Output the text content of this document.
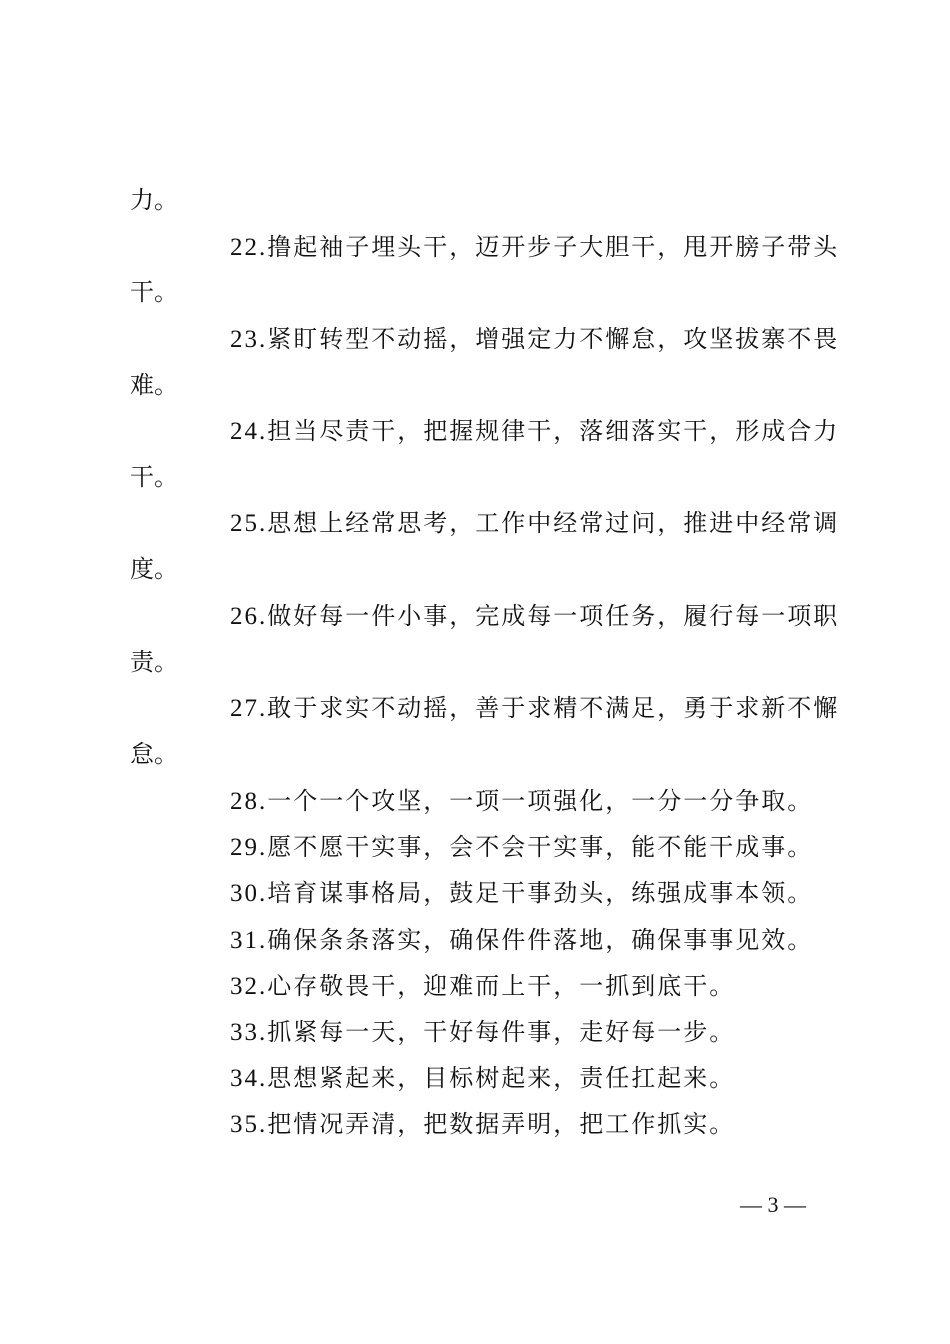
力。
22.撸起袖子埋头干，迈开步子大胆干，甩开膀子带头
干。
23.紧盯转型不动摇，增强定力不懈怠，攻坚拔寨不畏
难。
24.担当尽责干，把握规律干，落细落实干，形成合力
干。
25.思想上经常思考，工作中经常过问，推进中经常调
度。
26.做好每一件小事，完成每一项任务，履行每一项职
责。
27.敢于求实不动摇，善于求精不满足，勇于求新不懈
怠。
28.一个一个攻坚，一项一项强化，一分一分争取。
29.愿不愿干实事，会不会干实事，能不能干成事。
30.培育谋事格局，鼓足干事劲头，练强成事本领。
31.确保条条落实，确保件件落地，确保事事见效。
32.心存敬畏干，迎难而上干，一抓到底干。
33.抓紧每一天，干好每件事，走好每一步。
34.思想紧起来，目标树起来，责任扛起来。
35.把情况弄清，把数据弄明，把工作抓实。
— 3 —
